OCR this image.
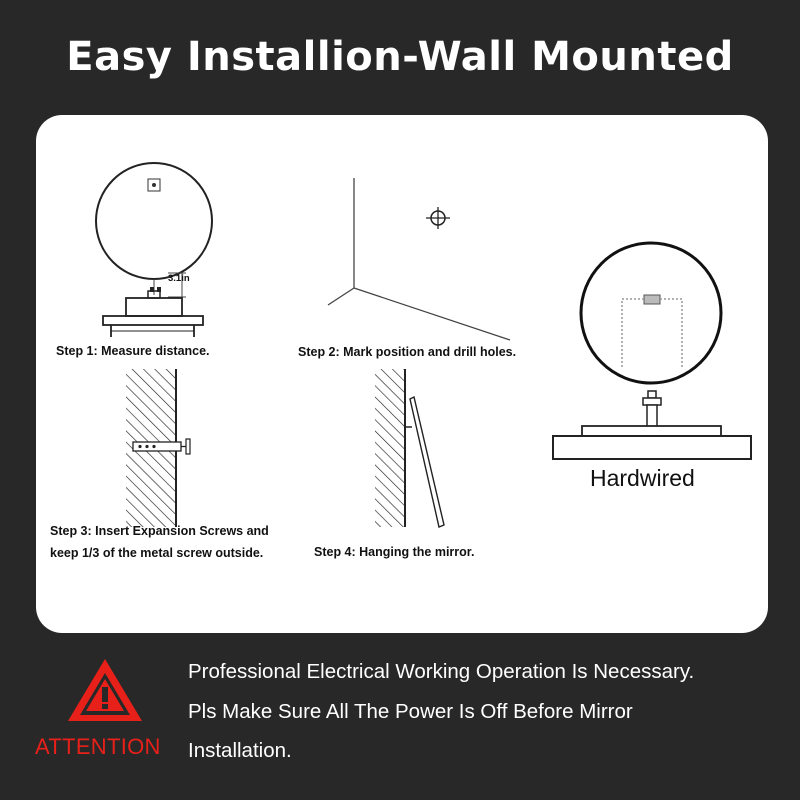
Easy Installion-Wall Mounted
3.1in
Step 1: Measure distance.	Step 2: Mark position and drill holes.
Step 3: Insert Expansion Screws and
keep 1/3 of the metal screw outside.	Step 4: Hanging the mirror.
Hardwired
ATTENTION
Professional Electrical Working Operation Is Necessary.
Pls Make Sure All The Power Is Off Before Mirror
Installation.
